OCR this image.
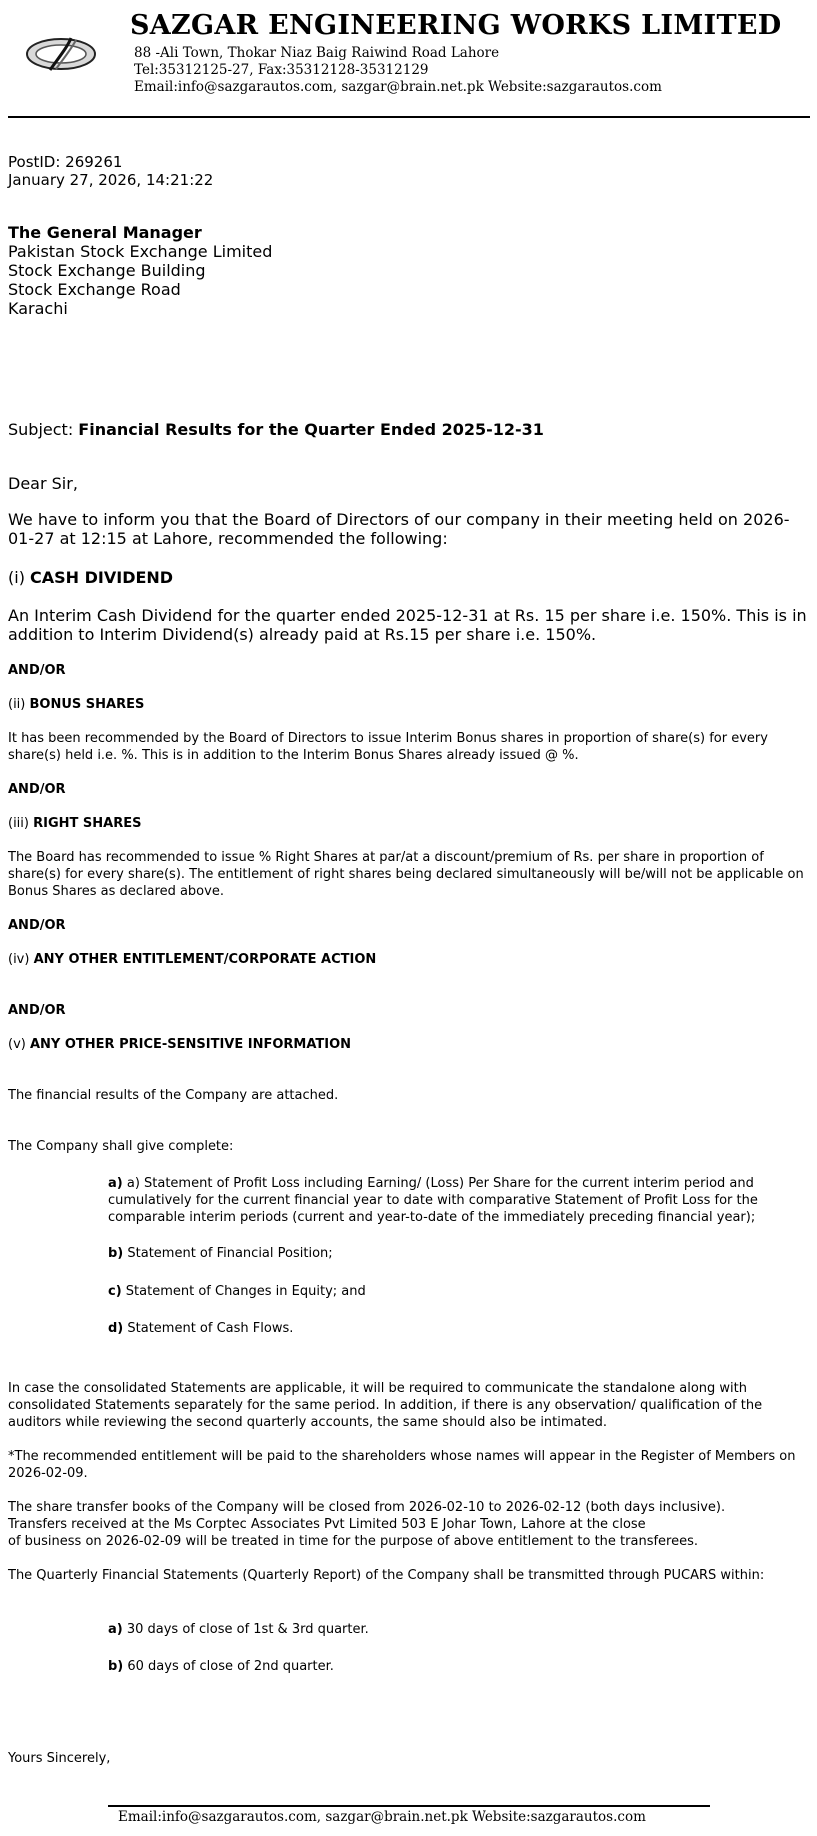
SAZGAR ENGINEERING WORKS LIMITED
88 -Ali Town, Thokar Niaz Baig Raiwind Road Lahore
Tel:35312125-27, Fax:35312128-35312129
Email:info@sazgarautos.com, sazgar@brain.net.pk Website:sazgarautos.com
PostID: 269261
January 27, 2026, 14:21:22
The General Manager
Pakistan Stock Exchange Limited
Stock Exchange Building
Stock Exchange Road
Karachi
Subject: Financial Results for the Quarter Ended 2025-12-31
Dear Sir,
We have to inform you that the Board of Directors of our company in their meeting held on 2026-01-27 at 12:15 at Lahore, recommended the following:
(i) CASH DIVIDEND
An Interim Cash Dividend for the quarter ended 2025-12-31 at Rs. 15 per share i.e. 150%. This is in addition to Interim Dividend(s) already paid at Rs.15 per share i.e. 150%.
AND/OR
(ii) BONUS SHARES
It has been recommended by the Board of Directors to issue Interim Bonus shares in proportion of share(s) for every share(s) held i.e. %. This is in addition to the Interim Bonus Shares already issued @ %.
AND/OR
(iii) RIGHT SHARES
The Board has recommended to issue % Right Shares at par/at a discount/premium of Rs. per share in proportion of share(s) for every share(s). The entitlement of right shares being declared simultaneously will be/will not be applicable on Bonus Shares as declared above.
AND/OR
(iv) ANY OTHER ENTITLEMENT/CORPORATE ACTION
AND/OR
(v) ANY OTHER PRICE-SENSITIVE INFORMATION
The financial results of the Company are attached.
The Company shall give complete:
a) a) Statement of Profit Loss including Earning/ (Loss) Per Share for the current interim period and cumulatively for the current financial year to date with comparative Statement of Profit Loss for the comparable interim periods (current and year-to-date of the immediately preceding financial year);
b) Statement of Financial Position;
c) Statement of Changes in Equity; and
d) Statement of Cash Flows.
In case the consolidated Statements are applicable, it will be required to communicate the standalone along with consolidated Statements separately for the same period. In addition, if there is any observation/ qualification of the auditors while reviewing the second quarterly accounts, the same should also be intimated.
*The recommended entitlement will be paid to the shareholders whose names will appear in the Register of Members on 2026-02-09.
The share transfer books of the Company will be closed from 2026-02-10 to 2026-02-12 (both days inclusive).
Transfers received at the Ms Corptec Associates Pvt Limited 503 E Johar Town, Lahore at the close
of business on 2026-02-09 will be treated in time for the purpose of above entitlement to the transferees.
The Quarterly Financial Statements (Quarterly Report) of the Company shall be transmitted through PUCARS within:
a) 30 days of close of 1st & 3rd quarter.
b) 60 days of close of 2nd quarter.
Yours Sincerely,
Email:info@sazgarautos.com, sazgar@brain.net.pk Website:sazgarautos.com
